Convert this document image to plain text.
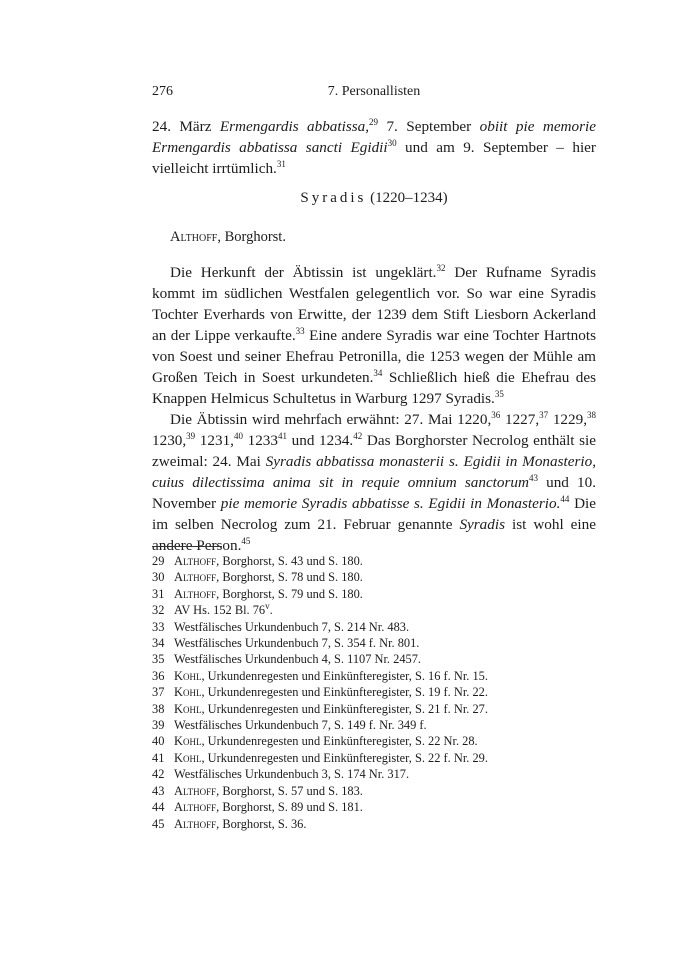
276	7. Personallisten
24. März Ermengardis abbatissa,$^{29}$ 7. September obiit pie memorie Ermengardis abbatissa sancti Egidii$^{30}$ und am 9. September – hier vielleicht irrtümlich.$^{31}$
Syradis (1220–1234)
Althoff, Borghorst.

Die Herkunft der Äbtissin ist ungeklärt.$^{32}$ Der Rufname Syradis kommt im südlichen Westfalen gelegentlich vor. So war eine Syradis Tochter Everhards von Erwitte, der 1239 dem Stift Liesborn Ackerland an der Lippe verkaufte.$^{33}$ Eine andere Syradis war eine Tochter Hartnots von Soest und seiner Ehefrau Petronilla, die 1253 wegen der Mühle am Großen Teich in Soest urkundeten.$^{34}$ Schließlich hieß die Ehefrau des Knappen Helmicus Schultetus in Warburg 1297 Syradis.$^{35}$

Die Äbtissin wird mehrfach erwähnt: 27. Mai 1220,36 1227,37 1229,38 1230,39 1231,40 1233$^{41}$ und 1234.42 Das Borghorster Necrolog enthält sie zweimal: 24. Mai Syradis abbatissa monasterii s. Egidii in Monasterio, cuius dilectissima anima sit in requie omnium sanctorum$^{43}$ und 10. November pie memorie Syradis abbatisse s. Egidii in Monasterio.$^{44}$ Die im selben Necrolog zum 21. Februar genannte Syradis ist wohl eine andere Person.$^{45}$

29 Althoff, Borghorst, S. 43 und S. 180.
30 Althoff, Borghorst, S. 78 und S. 180.
31 Althoff, Borghorst, S. 79 und S. 180.
32 AV Hs. 152 Bl. 76$^v$.
33 Westfälisches Urkundenbuch 7, S. 214 Nr. 483.
34 Westfälisches Urkundenbuch 7, S. 354 f. Nr. 801.
35 Westfälisches Urkundenbuch 4, S. 1107 Nr. 2457.
36 Kohl, Urkundenregesten und Einkünfteregister, S. 16 f. Nr. 15.
37 Kohl, Urkundenregesten und Einkünfteregister, S. 19 f. Nr. 22.
38 Kohl, Urkundenregesten und Einkünfteregister, S. 21 f. Nr. 27.
39 Westfälisches Urkundenbuch 7, S. 149 f. Nr. 349 f.
40 Kohl, Urkundenregesten und Einkünfteregister, S. 22 Nr. 28.
41 Kohl, Urkundenregesten und Einkünfteregister, S. 22 f. Nr. 29.
42 Westfälisches Urkundenbuch 3, S. 174 Nr. 317.
43 Althoff, Borghorst, S. 57 und S. 183.
44 Althoff, Borghorst, S. 89 und S. 181.
45 Althoff, Borghorst, S. 36.
